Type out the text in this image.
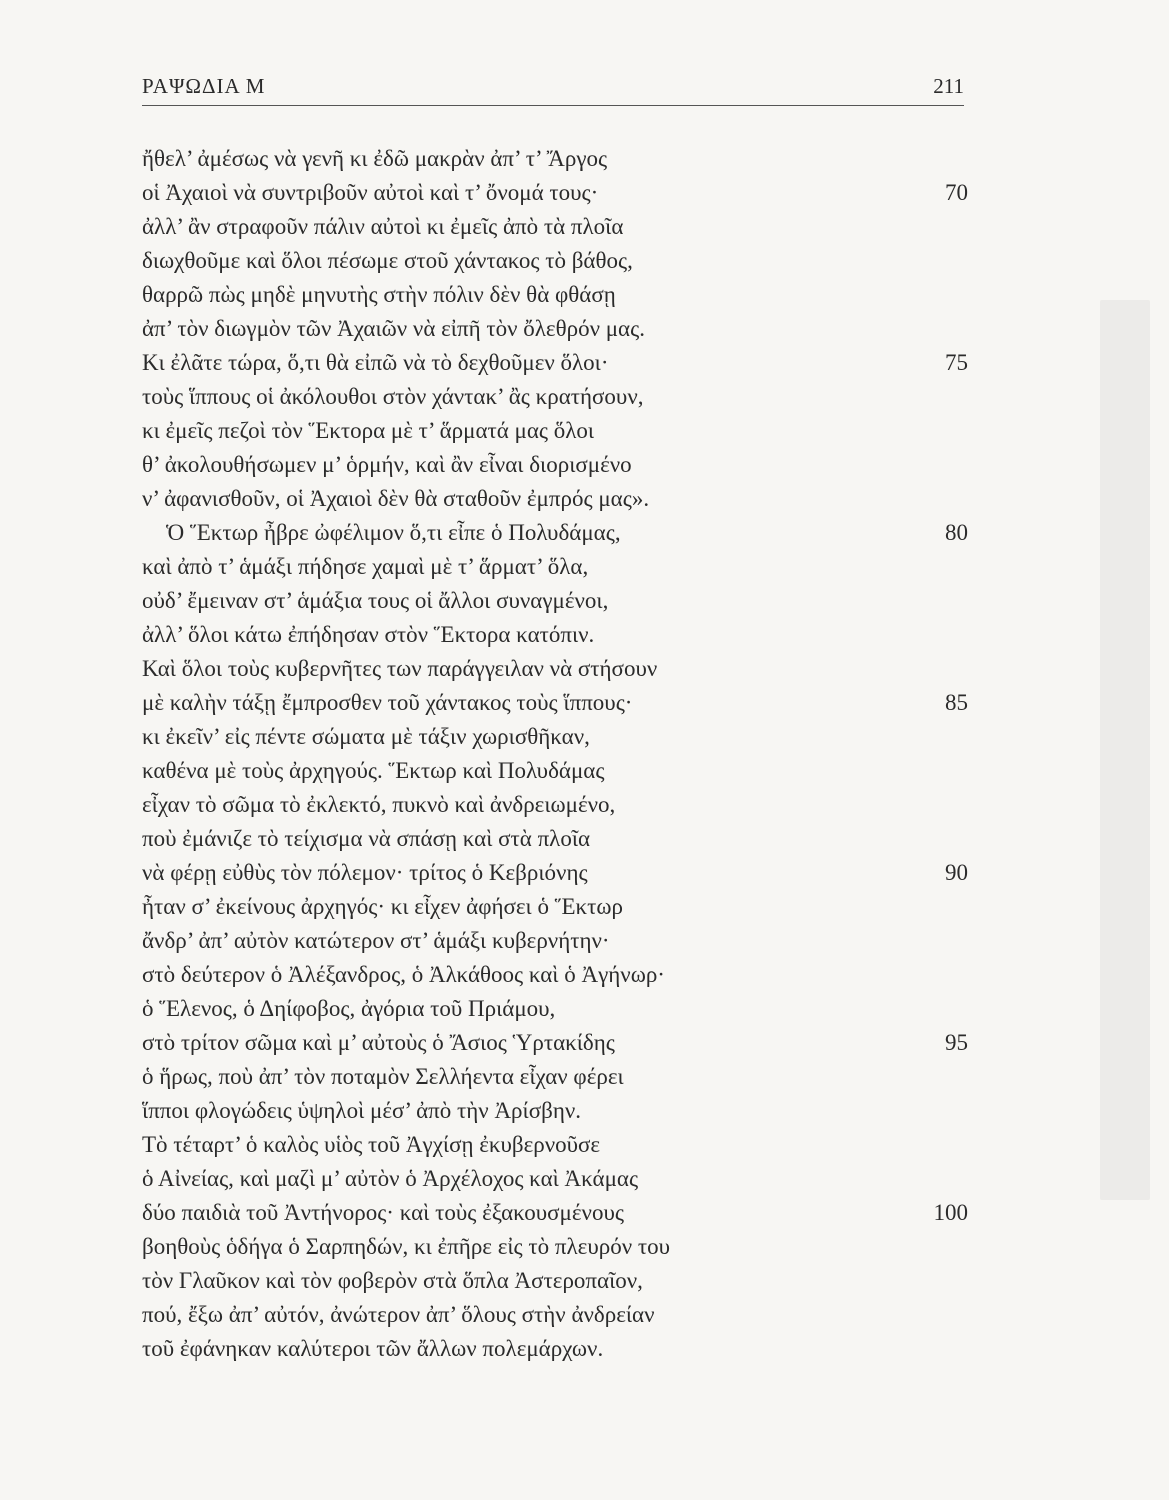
ΡΑΨΩΔΙΑ Μ	211
ἤθελ’ ἀμέσως νὰ γενῆ κι ἐδῶ μακρὰν ἀπ’ τ’ Ἄργος
οἱ Ἀχαιοὶ νὰ συντριβοῦν αὐτοὶ καὶ τ’ ὄνομά τους·	70
ἀλλ’ ἂν στραφοῦν πάλιν αὐτοὶ κι ἐμεῖς ἀπὸ τὰ πλοῖα
διωχθοῦμε καὶ ὅλοι πέσωμε στοῦ χάντακος τὸ βάθος,
θαρρῶ πὼς μηδὲ μηνυτὴς στὴν πόλιν δὲν θὰ φθάσῃ
ἀπ’ τὸν διωγμὸν τῶν Ἀχαιῶν νὰ εἰπῆ τὸν ὄλεθρόν μας.
Κι ἐλᾶτε τώρα, ὅ,τι θὰ εἰπῶ νὰ τὸ δεχθοῦμεν ὅλοι·	75
τοὺς ἵππους οἱ ἀκόλουθοι στὸν χάντακ’ ἂς κρατήσουν,
κι ἐμεῖς πεζοὶ τὸν Ἕκτορα μὲ τ’ ἅρματά μας ὅλοι
θ’ ἀκολουθήσωμεν μ’ ὁρμήν, καὶ ἂν εἶναι διορισμένο
ν’ ἀφανισθοῦν, οἱ Ἀχαιοὶ δὲν θὰ σταθοῦν ἐμπρός μας».
Ὁ Ἕκτωρ ἦβρε ὠφέλιμον ὅ,τι εἶπε ὁ Πολυδάμας,	80
καὶ ἀπὸ τ’ ἁμάξι πήδησε χαμαὶ μὲ τ’ ἅρματ’ ὅλα,
οὐδ’ ἔμειναν στ’ ἁμάξια τους οἱ ἄλλοι συναγμένοι,
ἀλλ’ ὅλοι κάτω ἐπήδησαν στὸν Ἕκτορα κατόπιν.
Καὶ ὅλοι τοὺς κυβερνῆτες των παράγγειλαν νὰ στήσουν
μὲ καλὴν τάξῃ ἔμπροσθεν τοῦ χάντακος τοὺς ἵππους·	85
κι ἐκεῖν’ εἰς πέντε σώματα μὲ τάξιν χωρισθῆκαν,
καθένα μὲ τοὺς ἀρχηγούς. Ἕκτωρ καὶ Πολυδάμας
εἶχαν τὸ σῶμα τὸ ἐκλεκτό, πυκνὸ καὶ ἀνδρειωμένο,
ποὺ ἐμάνιζε τὸ τείχισμα νὰ σπάσῃ καὶ στὰ πλοῖα
νὰ φέρῃ εὐθὺς τὸν πόλεμον· τρίτος ὁ Κεβριόνης	90
ἦταν σ’ ἐκείνους ἀρχηγός· κι εἶχεν ἀφήσει ὁ Ἕκτωρ
ἄνδρ’ ἀπ’ αὐτὸν κατώτερον στ’ ἁμάξι κυβερνήτην·
στὸ δεύτερον ὁ Ἀλέξανδρος, ὁ Ἀλκάθοος καὶ ὁ Ἀγήνωρ·
ὁ Ἕλενος, ὁ Δηίφοβος, ἀγόρια τοῦ Πριάμου,
στὸ τρίτον σῶμα καὶ μ’ αὐτοὺς ὁ Ἄσιος Ὑρτακίδης	95
ὁ ἥρως, ποὺ ἀπ’ τὸν ποταμὸν Σελλήεντα εἶχαν φέρει
ἵπποι φλογώδεις ὑψηλοὶ μέσ’ ἀπὸ τὴν Ἀρίσβην.
Τὸ τέταρτ’ ὁ καλὸς υἱὸς τοῦ Ἀγχίσῃ ἐκυβερνοῦσε
ὁ Αἰνείας, καὶ μαζὶ μ’ αὐτὸν ὁ Ἀρχέλοχος καὶ Ἀκάμας
δύο παιδιὰ τοῦ Ἀντήνορος· καὶ τοὺς ἐξακουσμένους	100
βοηθοὺς ὁδήγα ὁ Σαρπηδών, κι ἐπῆρε εἰς τὸ πλευρόν του
τὸν Γλαῦκον καὶ τὸν φοβερὸν στὰ ὅπλα Ἀστεροπαῖον,
πού, ἔξω ἀπ’ αὐτόν, ἀνώτερον ἀπ’ ὅλους στὴν ἀνδρείαν
τοῦ ἐφάνηκαν καλύτεροι τῶν ἄλλων πολεμάρχων.
